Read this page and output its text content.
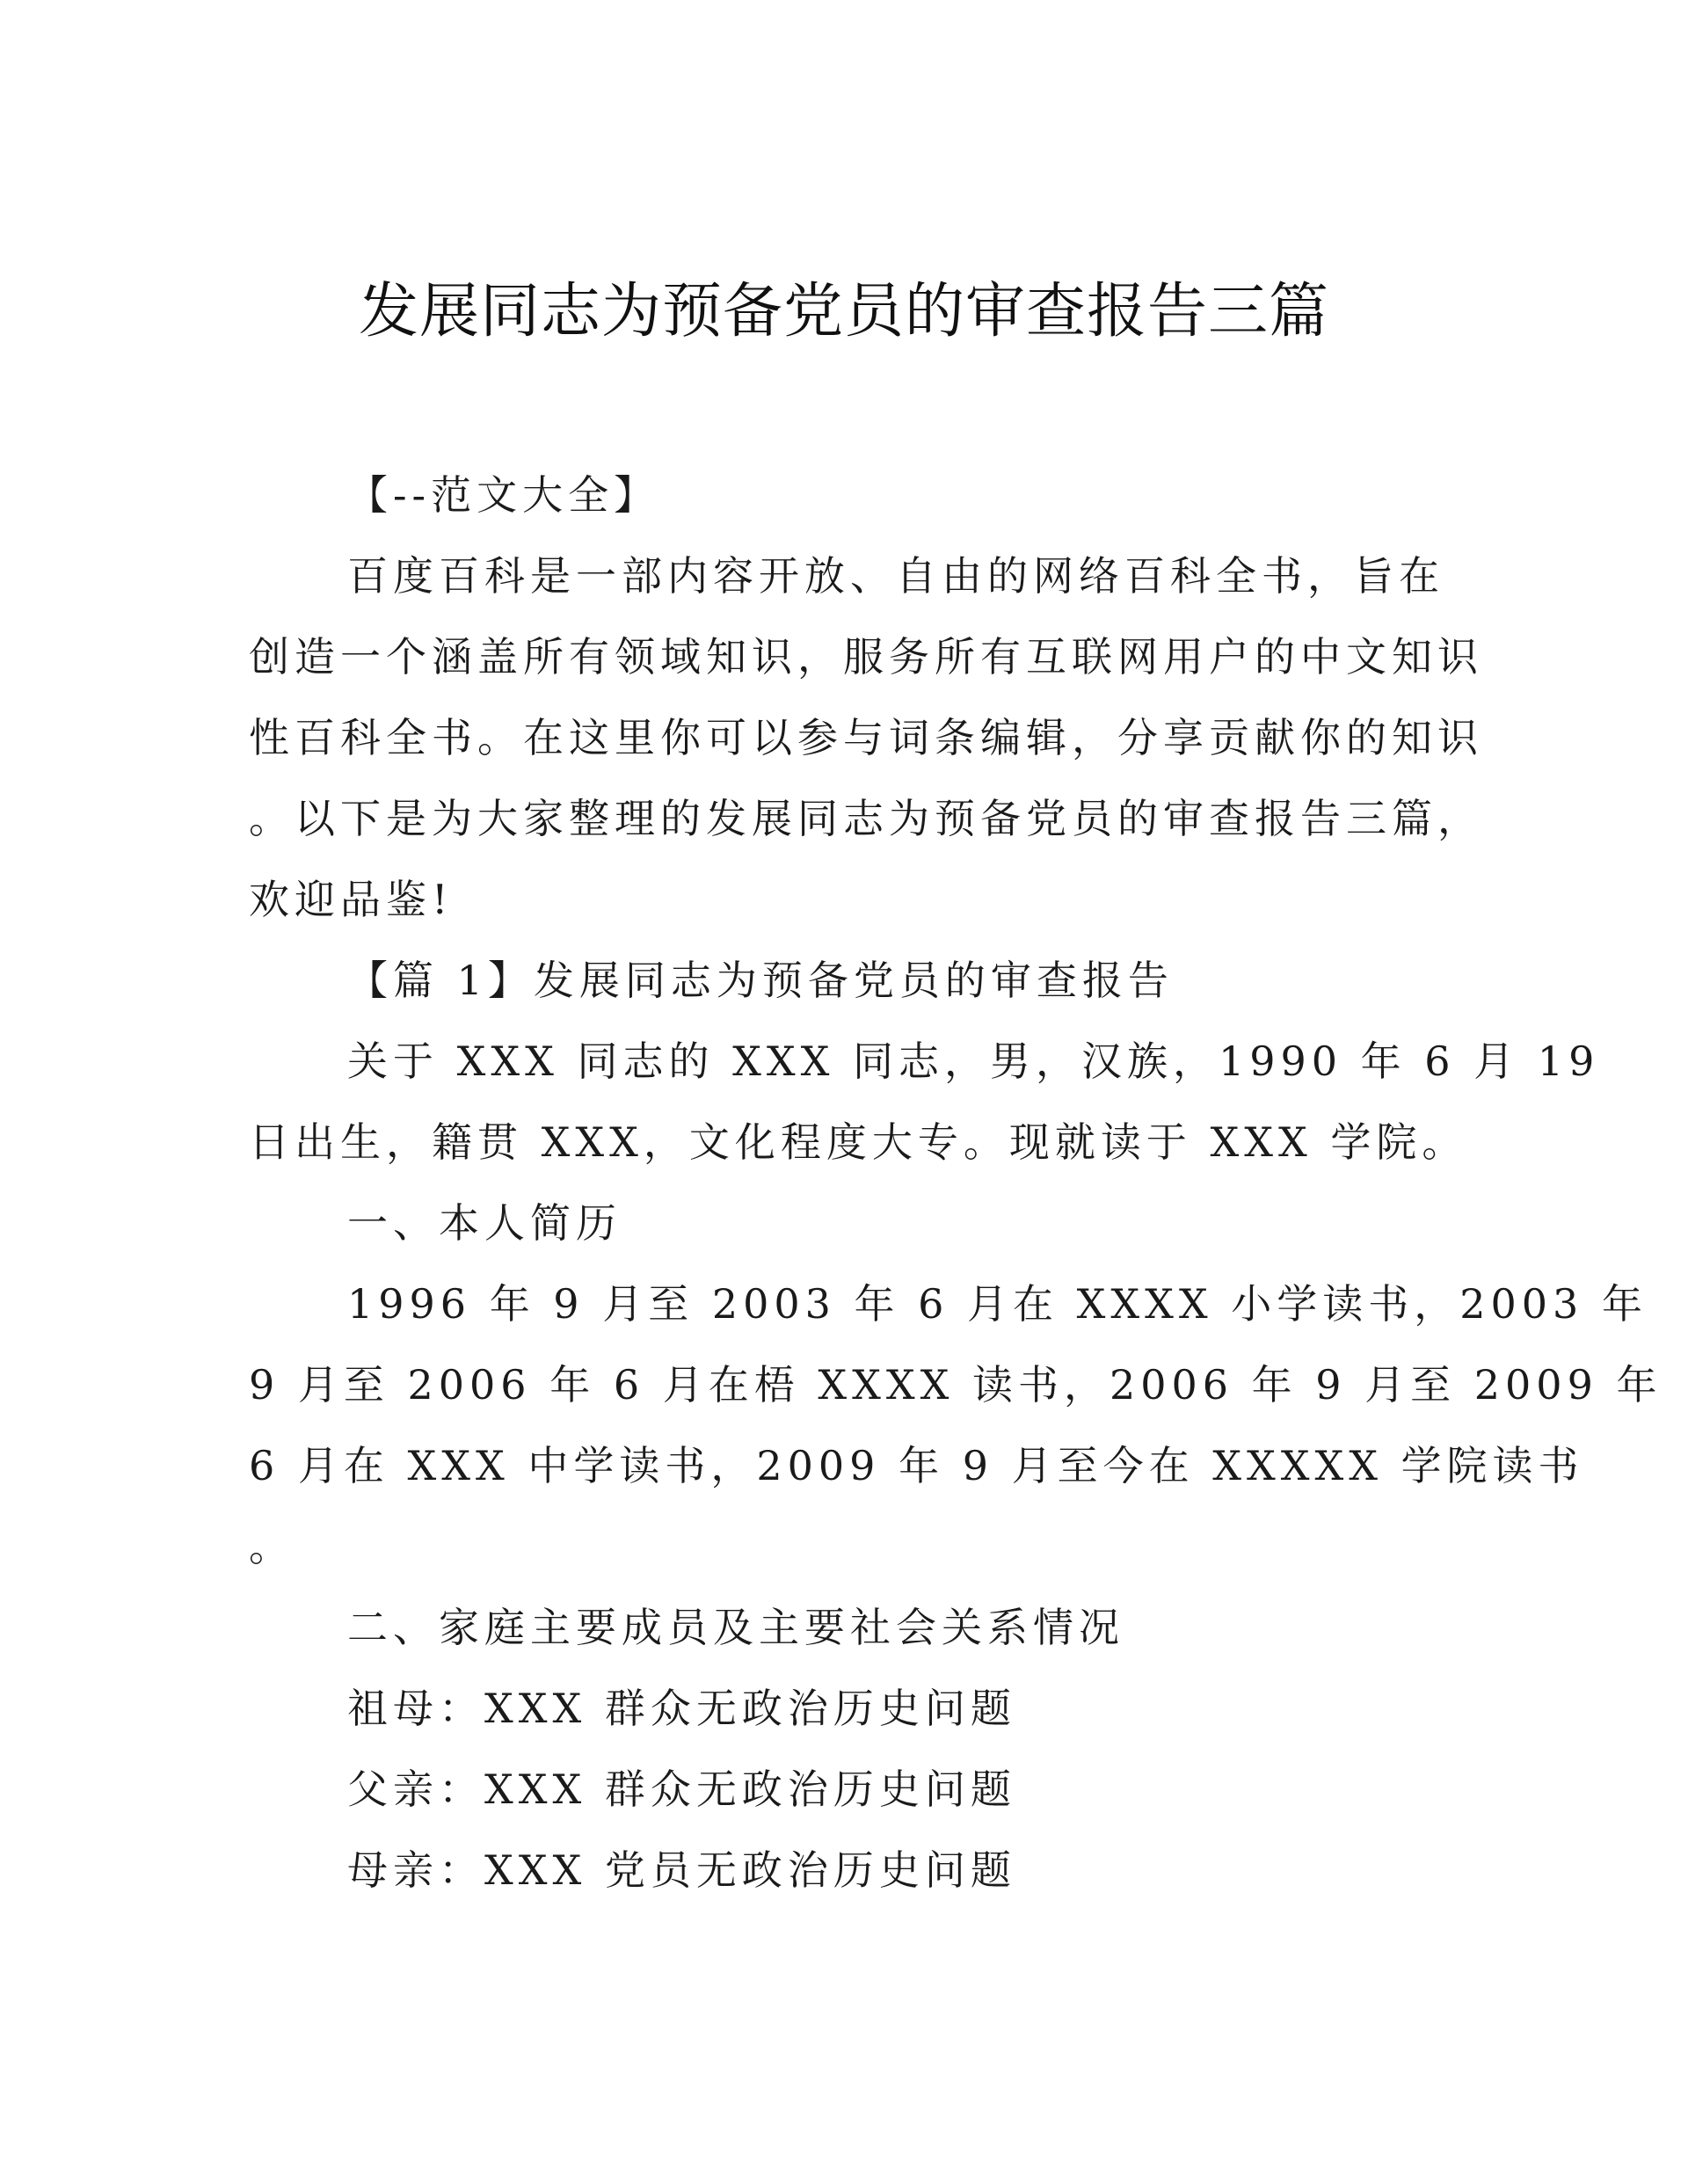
发展同志为预备党员的审查报告三篇
【--范文大全】
百度百科是一部内容开放、自由的网络百科全书，旨在
创造一个涵盖所有领域知识，服务所有互联网用户的中文知识
性百科全书。在这里你可以参与词条编辑，分享贡献你的知识
。以下是为大家整理的发展同志为预备党员的审查报告三篇，
欢迎品鉴!
【篇 1】发展同志为预备党员的审查报告
关于 XXX 同志的 XXX 同志，男，汉族，1990 年 6 月 19
日出生，籍贯 XXX，文化程度大专。现就读于 XXX 学院。
一、本人简历
1996 年 9 月至 2003 年 6 月在 XXXX 小学读书，2003 年
9 月至 2006 年 6 月在梧 XXXX 读书，2006 年 9 月至 2009 年
6 月在 XXX 中学读书，2009 年 9 月至今在 XXXXX 学院读书
。
二、家庭主要成员及主要社会关系情况
祖母：XXX 群众无政治历史问题
父亲：XXX 群众无政治历史问题
母亲：XXX 党员无政治历史问题
